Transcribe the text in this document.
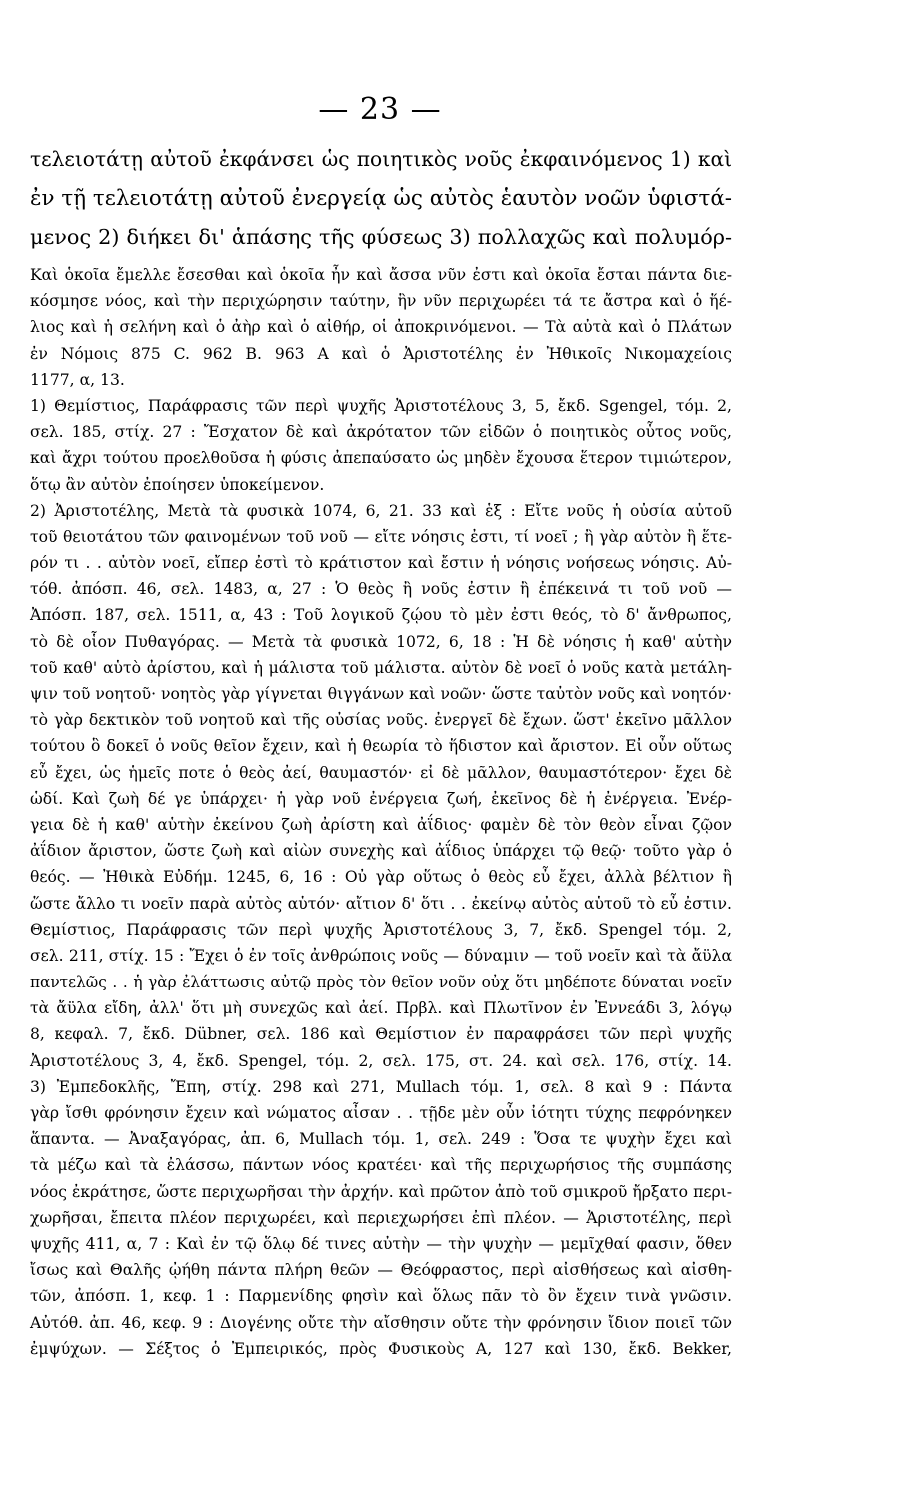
— 23 —
τελειοτάτῃ αὐτοῦ ἐκφάνσει ὡς ποιητικὸς νοῦς ἐκφαινόμενος 1) καὶ
ἐν τῇ τελειοτάτῃ αὐτοῦ ἐνεργείᾳ ὡς αὐτὸς ἑαυτὸν νοῶν ὑφιστά-
μενος 2) διήκει δι' ἁπάσης τῆς φύσεως 3) πολλαχῶς καὶ πολυμόρ-
Καὶ ὁκοῖα ἔμελλε ἔσεσθαι καὶ ὁκοῖα ἦν καὶ ἄσσα νῦν ἐστι καὶ ὁκοῖα ἔσται πάντα διε-
κόσμησε νόος, καὶ τὴν περιχώρησιν ταύτην, ἣν νῦν περιχωρέει τά τε ἄστρα καὶ ὁ ἥέ-
λιος καὶ ἡ σελήνη καὶ ὁ ἀὴρ καὶ ὁ αἰθήρ, οἱ ἀποκρινόμενοι. — Τὰ αὐτὰ καὶ ὁ Πλάτων
ἐν Νόμοις 875 C. 962 B. 963 A καὶ ὁ Ἀριστοτέλης ἐν Ἠθικοῖς Νικομαχείοις
1177, α, 13.
1) Θεμίστιος, Παράφρασις τῶν περὶ ψυχῆς Ἀριστοτέλους 3, 5, ἔκδ. Sgengel, τόμ. 2,
σελ. 185, στίχ. 27 : Ἔσχατον δὲ καὶ ἀκρότατον τῶν εἰδῶν ὁ ποιητικὸς οὗτος νοῦς,
καὶ ἄχρι τούτου προελθοῦσα ἡ φύσις ἀπεπαύσατο ὡς μηδὲν ἔχουσα ἕτερον τιμιώτερον,
ὅτῳ ἂν αὐτὸν ἐποίησεν ὑποκείμενον.
2) Ἀριστοτέλης, Μετὰ τὰ φυσικὰ 1074, 6, 21. 33 καὶ ἑξ : Εἴτε νοῦς ἡ οὐσία αὐτοῦ
τοῦ θειοτάτου τῶν φαινομένων τοῦ νοῦ — εἴτε νόησις ἐστι, τί νοεῖ ; ἢ γὰρ αὐτὸν ἢ ἕτε-
ρόν τι . . αὐτὸν νοεῖ, εἴπερ ἐστὶ τὸ κράτιστον καὶ ἔστιν ἡ νόησις νοήσεως νόησις. Αὐ-
τόθ. ἀπόσπ. 46, σελ. 1483, α, 27 : Ὁ θεὸς ἢ νοῦς ἐστιν ἢ ἐπέκεινά τι τοῦ νοῦ —
Ἀπόσπ. 187, σελ. 1511, α, 43 : Τοῦ λογικοῦ ζῴου τὸ μὲν ἐστι θεός, τὸ δ' ἄνθρωπος,
τὸ δὲ οἷον Πυθαγόρας. — Μετὰ τὰ φυσικὰ 1072, 6, 18 : Ἡ δὲ νόησις ἡ καθ' αὑτὴν
τοῦ καθ' αὑτὸ ἀρίστου, καὶ ἡ μάλιστα τοῦ μάλιστα. αὑτὸν δὲ νοεῖ ὁ νοῦς κατὰ μετάλη-
ψιν τοῦ νοητοῦ· νοητὸς γὰρ γίγνεται θιγγάνων καὶ νοῶν· ὥστε ταὐτὸν νοῦς καὶ νοητόν·
τὸ γὰρ δεκτικὸν τοῦ νοητοῦ καὶ τῆς οὐσίας νοῦς. ἐνεργεῖ δὲ ἔχων. ὥστ' ἐκεῖνο μᾶλλον
τούτου ὃ δοκεῖ ὁ νοῦς θεῖον ἔχειν, καὶ ἡ θεωρία τὸ ἥδιστον καὶ ἄριστον. Εἰ οὖν οὕτως
εὖ ἔχει, ὡς ἡμεῖς ποτε ὁ θεὸς ἀεί, θαυμαστόν· εἰ δὲ μᾶλλον, θαυμαστότερον· ἔχει δὲ
ὡδί. Καὶ ζωὴ δέ γε ὑπάρχει· ἡ γὰρ νοῦ ἐνέργεια ζωή, ἐκεῖνος δὲ ἡ ἐνέργεια. Ἐνέρ-
γεια δὲ ἡ καθ' αὑτὴν ἐκείνου ζωὴ ἀρίστη καὶ ἀΐδιος· φαμὲν δὲ τὸν θεὸν εἶναι ζῷον
ἀΐδιον ἄριστον, ὥστε ζωὴ καὶ αἰὼν συνεχὴς καὶ ἀΐδιος ὑπάρχει τῷ θεῷ· τοῦτο γὰρ ὁ
θεός. — Ἠθικὰ Εὐδήμ. 1245, 6, 16 : Οὐ γὰρ οὕτως ὁ θεὸς εὖ ἔχει, ἀλλὰ βέλτιον ἢ
ὥστε ἄλλο τι νοεῖν παρὰ αὐτὸς αὑτόν· αἴτιον δ' ὅτι . . ἐκείνῳ αὐτὸς αὑτοῦ τὸ εὖ ἐστιν.
Θεμίστιος, Παράφρασις τῶν περὶ ψυχῆς Ἀριστοτέλους 3, 7, ἔκδ. Spengel τόμ. 2,
σελ. 211, στίχ. 15 : Ἔχει ὁ ἐν τοῖς ἀνθρώποις νοῦς — δύναμιν — τοῦ νοεῖν καὶ τὰ ἄϋλα
παντελῶς . . ἡ γὰρ ἐλάττωσις αὐτῷ πρὸς τὸν θεῖον νοῦν οὐχ ὅτι μηδέποτε δύναται νοεῖν
τὰ ἄϋλα εἴδη, ἀλλ' ὅτι μὴ συνεχῶς καὶ ἀεί. Πρβλ. καὶ Πλωτῖνον ἐν Ἐννεάδι 3, λόγῳ
8, κεφαλ. 7, ἔκδ. Dübner, σελ. 186 καὶ Θεμίστιον ἐν παραφράσει τῶν περὶ ψυχῆς
Ἀριστοτέλους 3, 4, ἔκδ. Spengel, τόμ. 2, σελ. 175, στ. 24. καὶ σελ. 176, στίχ. 14.
3) Ἐμπεδοκλῆς, Ἔπη, στίχ. 298 καὶ 271, Mullach τόμ. 1, σελ. 8 καὶ 9 : Πάντα
γὰρ ἴσθι φρόνησιν ἔχειν καὶ νώματος αἶσαν . . τῇδε μὲν οὖν ἰότητι τύχης πεφρόνηκεν
ἅπαντα. — Ἀναξαγόρας, ἀπ. 6, Mullach τόμ. 1, σελ. 249 : Ὅσα τε ψυχὴν ἔχει καὶ
τὰ μέζω καὶ τὰ ἐλάσσω, πάντων νόος κρατέει· καὶ τῆς περιχωρήσιος τῆς συμπάσης
νόος ἐκράτησε, ὥστε περιχωρῆσαι τὴν ἀρχήν. καὶ πρῶτον ἀπὸ τοῦ σμικροῦ ἤρξατο περι-
χωρῆσαι, ἔπειτα πλέον περιχωρέει, καὶ περιεχωρήσει ἐπὶ πλέον. — Ἀριστοτέλης, περὶ
ψυχῆς 411, α, 7 : Καὶ ἐν τῷ ὅλῳ δέ τινες αὐτὴν — τὴν ψυχὴν — μεμῖχθαί φασιν, ὅθεν
ἴσως καὶ Θαλῆς ᾠήθη πάντα πλήρη θεῶν — Θεόφραστος, περὶ αἰσθήσεως καὶ αἰσθη-
τῶν, ἀπόσπ. 1, κεφ. 1 : Παρμενίδης φησὶν καὶ ὅλως πᾶν τὸ ὂν ἔχειν τινὰ γνῶσιν.
Αὐτόθ. ἀπ. 46, κεφ. 9 : Διογένης οὔτε τὴν αἴσθησιν οὔτε τὴν φρόνησιν ἴδιον ποιεῖ τῶν
ἐμψύχων. — Σέξτος ὁ Ἐμπειρικός, πρὸς Φυσικοὺς Α, 127 καὶ 130, ἔκδ. Bekker,
